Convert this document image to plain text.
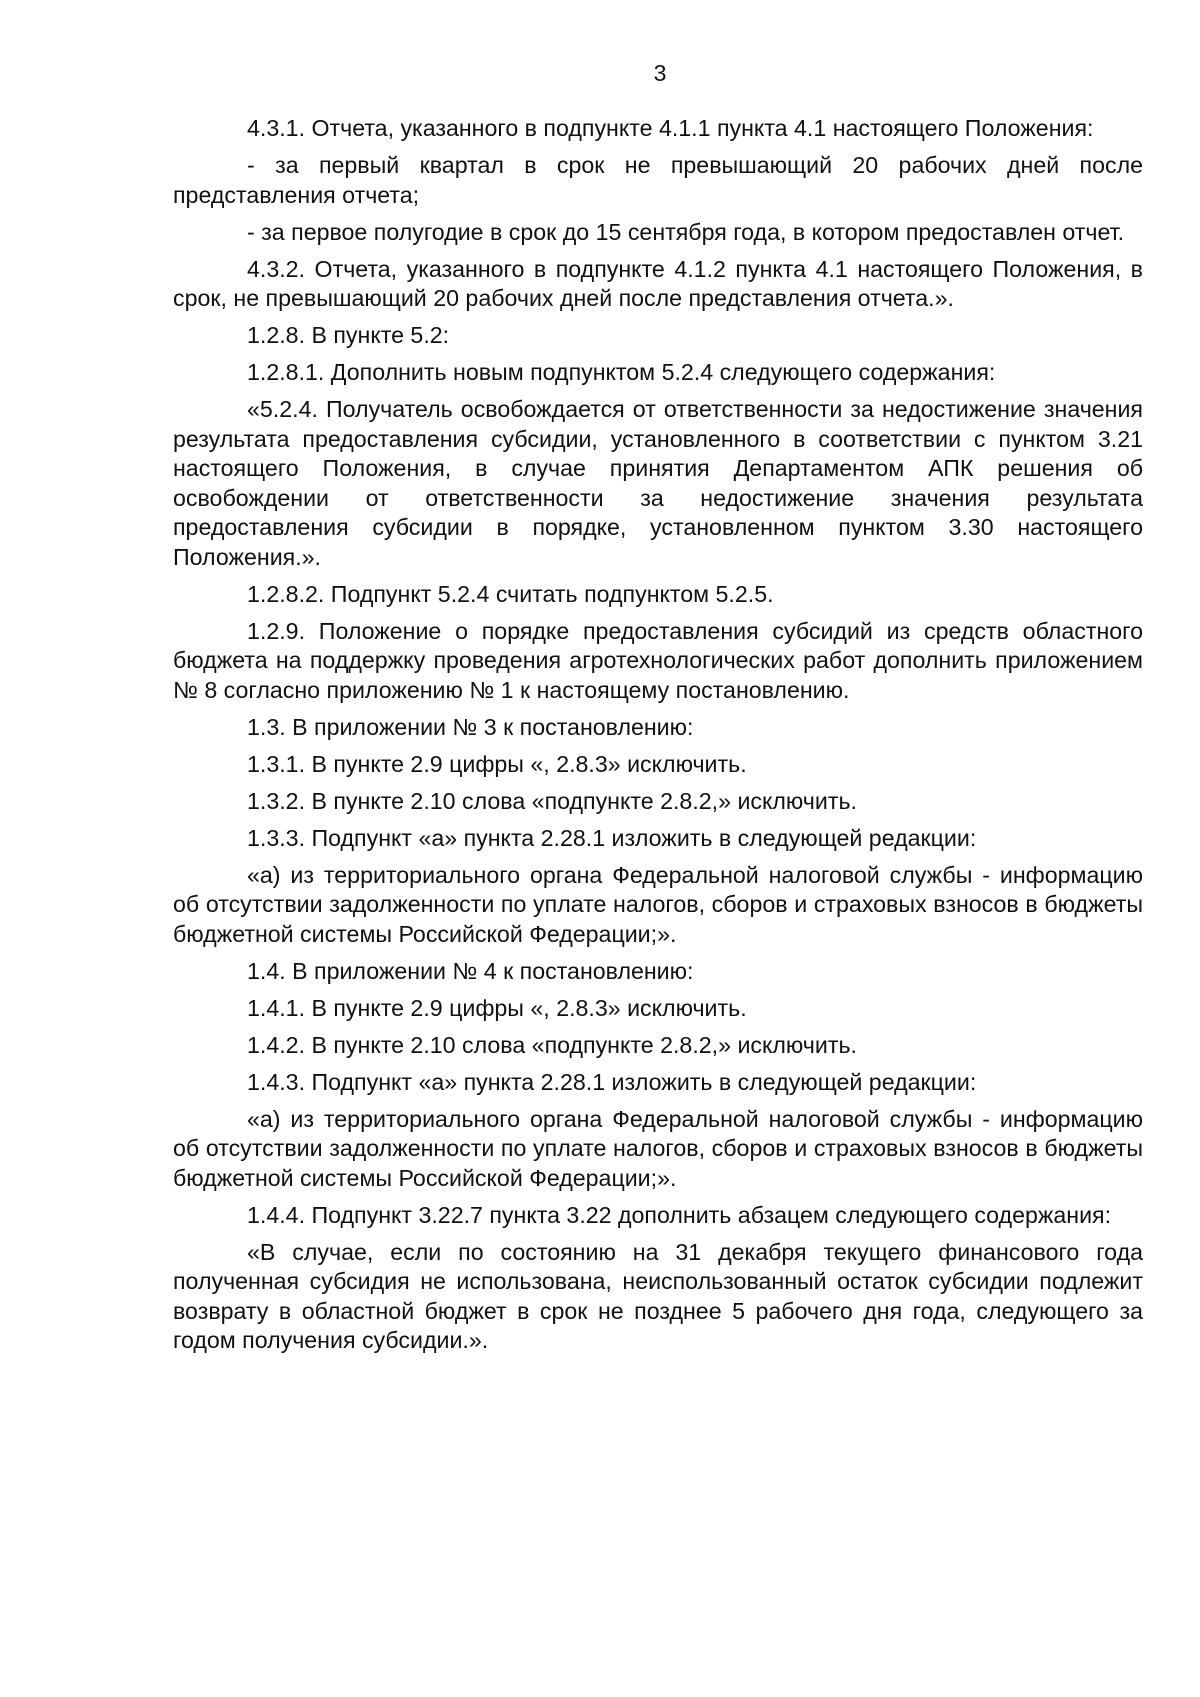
3

4.3.1. Отчета, указанного в подпункте 4.1.1 пункта 4.1 настоящего Положения:

- за первый квартал в срок не превышающий 20 рабочих дней после представления отчета;

- за первое полугодие в срок до 15 сентября года, в котором предоставлен отчет.

4.3.2. Отчета, указанного в подпункте 4.1.2 пункта 4.1 настоящего Положения, в срок, не превышающий 20 рабочих дней после представления отчета.».

1.2.8. В пункте 5.2:

1.2.8.1. Дополнить новым подпунктом 5.2.4 следующего содержания:

«5.2.4. Получатель освобождается от ответственности за недостижение значения результата предоставления субсидии, установленного в соответствии с пунктом 3.21 настоящего Положения, в случае принятия Департаментом АПК решения об освобождении от ответственности за недостижение значения результата предоставления субсидии в порядке, установленном пунктом 3.30 настоящего Положения.».

1.2.8.2. Подпункт 5.2.4 считать подпунктом 5.2.5.

1.2.9. Положение о порядке предоставления субсидий из средств областного бюджета на поддержку проведения агротехнологических работ дополнить приложением № 8 согласно приложению № 1 к настоящему постановлению.

1.3. В приложении № 3 к постановлению:

1.3.1. В пункте 2.9 цифры «, 2.8.3» исключить.

1.3.2. В пункте 2.10 слова «подпункте 2.8.2,» исключить.

1.3.3. Подпункт «а» пункта 2.28.1 изложить в следующей редакции:

«а) из территориального органа Федеральной налоговой службы - информацию об отсутствии задолженности по уплате налогов, сборов и страховых взносов в бюджеты бюджетной системы Российской Федерации;».

1.4. В приложении № 4 к постановлению:

1.4.1. В пункте 2.9 цифры «, 2.8.3» исключить.

1.4.2. В пункте 2.10 слова «подпункте 2.8.2,» исключить.

1.4.3. Подпункт «а» пункта 2.28.1 изложить в следующей редакции:

«а) из территориального органа Федеральной налоговой службы - информацию об отсутствии задолженности по уплате налогов, сборов и страховых взносов в бюджеты бюджетной системы Российской Федерации;».

1.4.4. Подпункт 3.22.7 пункта 3.22 дополнить абзацем следующего содержания:

«В случае, если по состоянию на 31 декабря текущего финансового года полученная субсидия не использована, неиспользованный остаток субсидии подлежит возврату в областной бюджет в срок не позднее 5 рабочего дня года, следующего за годом получения субсидии.».
